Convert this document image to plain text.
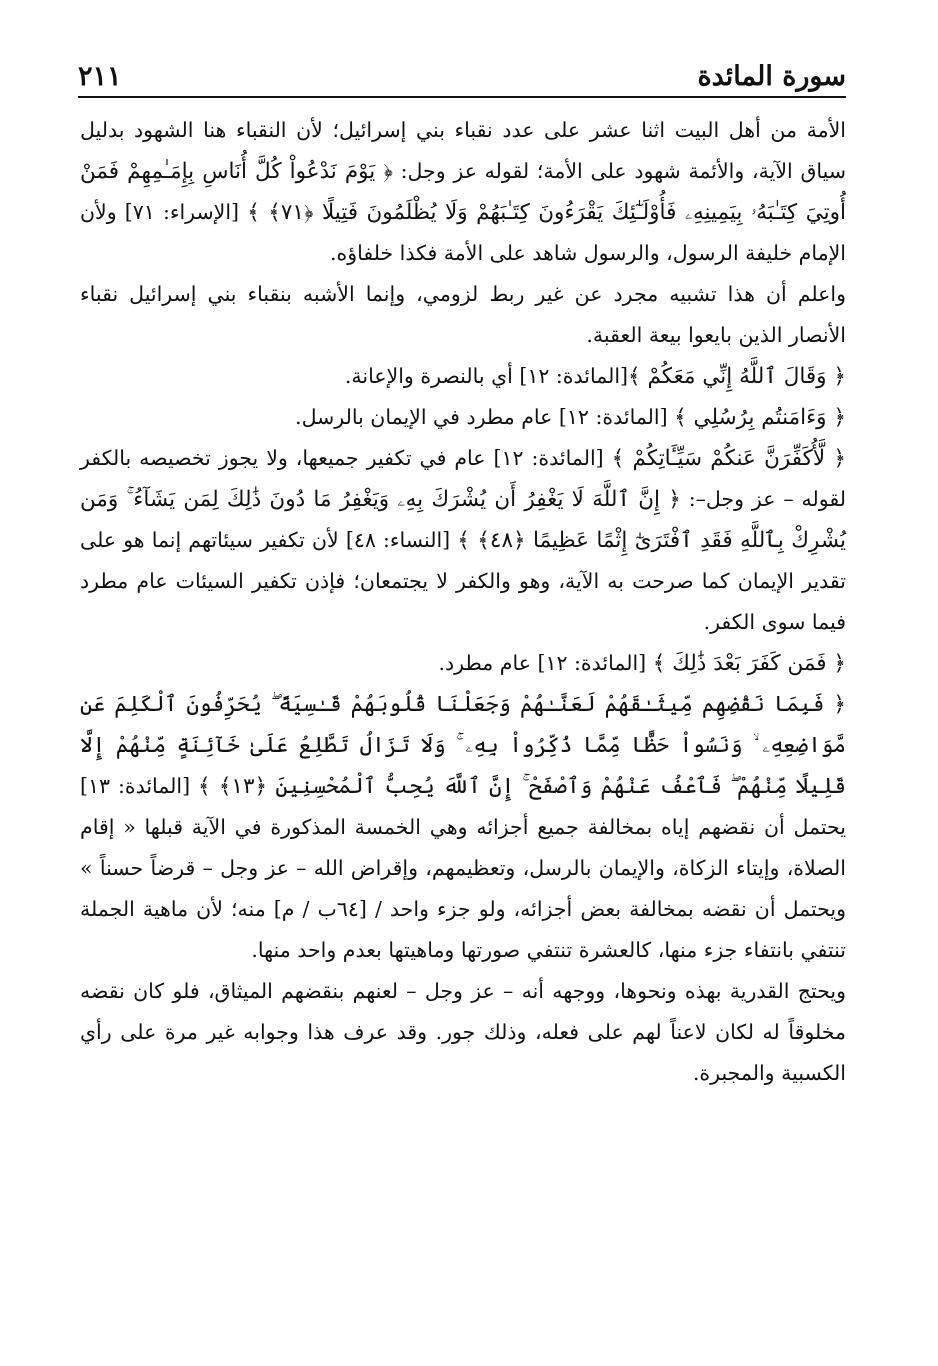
سورة المائدة
٢١١

الأمة من أهل البيت اثنا عشر على عدد نقباء بني إسرائيل؛ لأن النقباء هنا الشهود بدليل سياق الآية، والأئمة شهود على الأمة؛ لقوله عز وجل: ﴿ يَوْمَ نَدْعُواْ كُلَّ أُنَاسِ بِإِمَـٰمِهِمْ فَمَنْ أُوتِيَ كِتَـٰبَهُۥ بِيَمِينِهِۦ فَأُوْلَـٰٓئِكَ يَقْرَءُونَ كِتَـٰبَهُمْ وَلَا يُظْلَمُونَ فَتِيلًا ﴿٧١﴾ ﴾ [الإسراء: ٧١] ولأن الإمام خليفة الرسول، والرسول شاهد على الأمة فكذا خلفاؤه.

واعلم أن هذا تشبيه مجرد عن غير ربط لزومي، وإنما الأشبه بنقباء بني إسرائيل نقباء الأنصار الذين بايعوا بيعة العقبة.

﴿ وَقَالَ ٱللَّهُ إِنِّي مَعَكُمْ ﴾[المائدة: ١٢] أي بالنصرة والإعانة.

﴿ وَءَامَنتُم بِرُسُلِي ﴾ [المائدة: ١٢] عام مطرد في الإيمان بالرسل.

﴿ لَّأُكَفِّرَنَّ عَنكُمْ سَيِّـَٔاتِكُمْ ﴾ [المائدة: ١٢] عام في تكفير جميعها، ولا يجوز تخصيصه بالكفر لقوله – عز وجل–: ﴿ إِنَّ ٱللَّهَ لَا يَغْفِرُ أَن يُشْرَكَ بِهِۦ وَيَغْفِرُ مَا دُونَ ذَٰلِكَ لِمَن يَشَآءُ ۚ وَمَن يُشْرِكْ بِٱللَّهِ فَقَدِ ٱفْتَرَىٰٓ إِثْمًا عَظِيمًا ﴿٤٨﴾ ﴾ [النساء: ٤٨] لأن تكفير سيئاتهم إنما هو على تقدير الإيمان كما صرحت به الآية، وهو والكفر لا يجتمعان؛ فإذن تكفير السيئات عام مطرد فيما سوى الكفر.

﴿ فَمَن كَفَرَ بَعْدَ ذَٰلِكَ ﴾ [المائدة: ١٢] عام مطرد.

﴿ فَبِمَا نَقْضِهِم مِّيثَـٰقَهُمْ لَعَنَّـٰهُمْ وَجَعَلْنَا قُلُوبَهُمْ قَـٰسِيَةً ۖ يُحَرِّفُونَ ٱلْكَلِمَ عَن مَّوَاضِعِهِۦ ۙ وَنَسُواْ حَظًّا مِّمَّا ذُكِّرُواْ بِهِۦ ۚ وَلَا تَزَالُ تَطَّلِعُ عَلَىٰ خَآئِنَةٍ مِّنْهُمْ إِلَّا قَلِيلًا مِّنْهُمْ ۖ فَٱعْفُ عَنْهُمْ وَٱصْفَحْ ۚ إِنَّ ٱللَّهَ يُحِبُّ ٱلْمُحْسِنِينَ ﴿١٣﴾ ﴾ [المائدة: ١٣] يحتمل أن نقضهم إياه بمخالفة جميع أجزائه وهي الخمسة المذكورة في الآية قبلها « إقام الصلاة، وإيتاء الزكاة، والإيمان بالرسل، وتعظيمهم، وإقراض الله – عز وجل – قرضاً حسناً » ويحتمل أن نقضه بمخالفة بعض أجزائه، ولو جزء واحد / [٦٤ب / م] منه؛ لأن ماهية الجملة تنتفي بانتفاء جزء منها، كالعشرة تنتفي صورتها وماهيتها بعدم واحد منها.

ويحتج القدرية بهذه ونحوها، ووجهه أنه – عز وجل – لعنهم بنقضهم الميثاق، فلو كان نقضه مخلوقاً له لكان لاعناً لهم على فعله، وذلك جور. وقد عرف هذا وجوابه غير مرة على رأي الكسبية والمجبرة.
